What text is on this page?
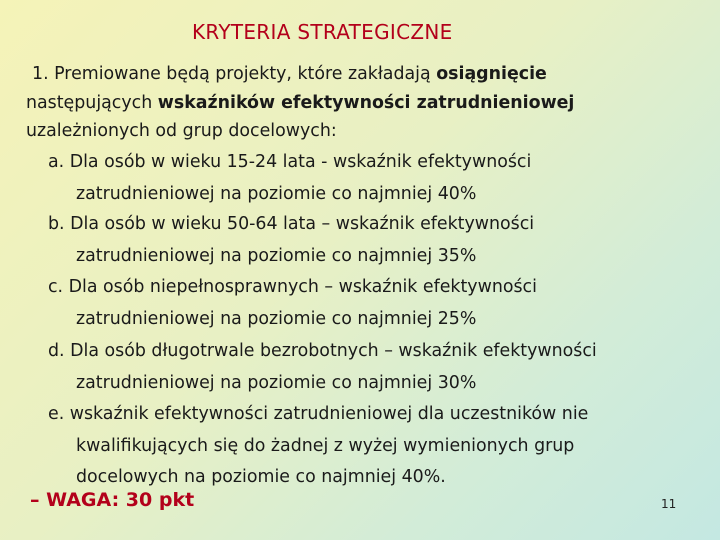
KRYTERIA STRATEGICZNE
1. Premiowane będą projekty, które zakładają osiągnięcie
następujących wskaźników efektywności zatrudnieniowej
uzależnionych od grup docelowych:
a. Dla osób w wieku 15-24 lata - wskaźnik efektywności
zatrudnieniowej na poziomie co najmniej 40%
b. Dla osób w wieku 50-64 lata – wskaźnik efektywności
zatrudnieniowej na poziomie co najmniej 35%
c. Dla osób niepełnosprawnych – wskaźnik efektywności
zatrudnieniowej na poziomie co najmniej 25%
d. Dla osób długotrwale bezrobotnych – wskaźnik efektywności
zatrudnieniowej na poziomie co najmniej 30%
e. wskaźnik efektywności zatrudnieniowej dla uczestników nie
kwalifikujących się do żadnej z wyżej wymienionych grup
docelowych na poziomie co najmniej 40%.
– WAGA: 30 pkt	11
